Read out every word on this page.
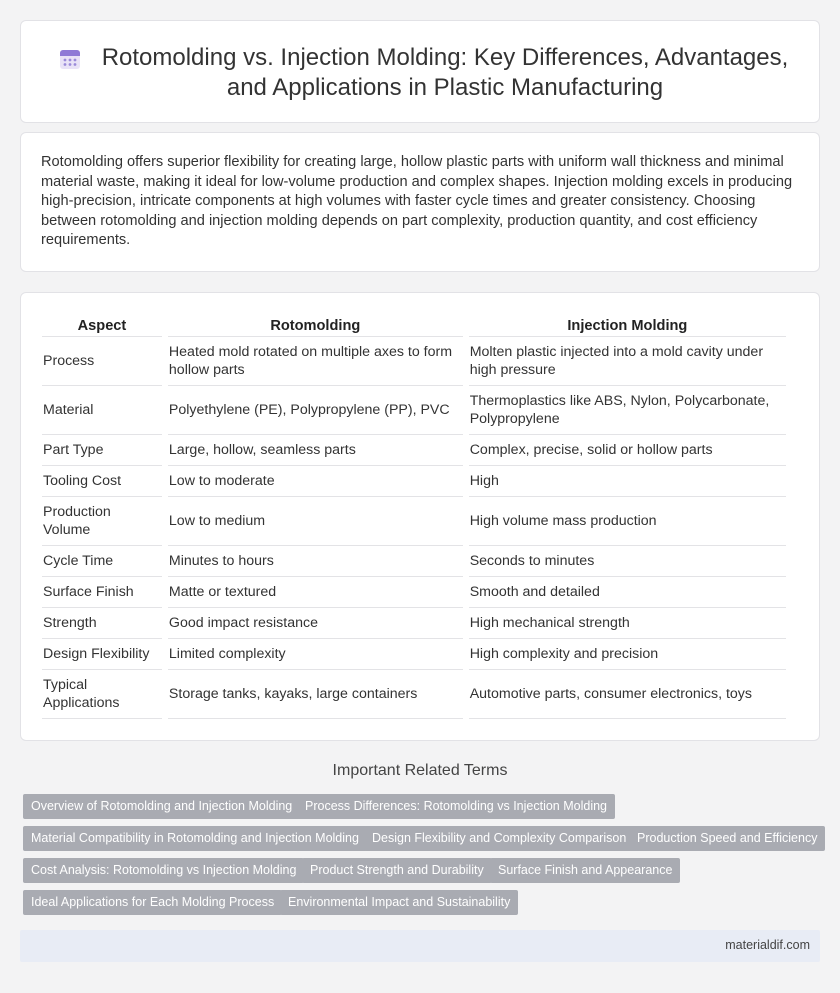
Rotomolding vs. Injection Molding: Key Differences, Advantages, and Applications in Plastic Manufacturing

Rotomolding offers superior flexibility for creating large, hollow plastic parts with uniform wall thickness and minimal material waste, making it ideal for low-volume production and complex shapes. Injection molding excels in producing high-precision, intricate components at high volumes with faster cycle times and greater consistency. Choosing between rotomolding and injection molding depends on part complexity, production quantity, and cost efficiency requirements.

Aspect	Rotomolding	Injection Molding
Process	Heated mold rotated on multiple axes to form hollow parts	Molten plastic injected into a mold cavity under high pressure
Material	Polyethylene (PE), Polypropylene (PP), PVC	Thermoplastics like ABS, Nylon, Polycarbonate, Polypropylene
Part Type	Large, hollow, seamless parts	Complex, precise, solid or hollow parts
Tooling Cost	Low to moderate	High
Production Volume	Low to medium	High volume mass production
Cycle Time	Minutes to hours	Seconds to minutes
Surface Finish	Matte or textured	Smooth and detailed
Strength	Good impact resistance	High mechanical strength
Design Flexibility	Limited complexity	High complexity and precision
Typical Applications	Storage tanks, kayaks, large containers	Automotive parts, consumer electronics, toys
Important Related Terms
Overview of Rotomolding and Injection Molding	Process Differences: Rotomolding vs Injection Molding
Material Compatibility in Rotomolding and Injection Molding	Design Flexibility and Complexity Comparison Production Speed and Efficiency
Cost Analysis: Rotomolding vs Injection Molding	Product Strength and Durability	Surface Finish and Appearance
Ideal Applications for Each Molding Process	Environmental Impact and Sustainability
materialdif.com
